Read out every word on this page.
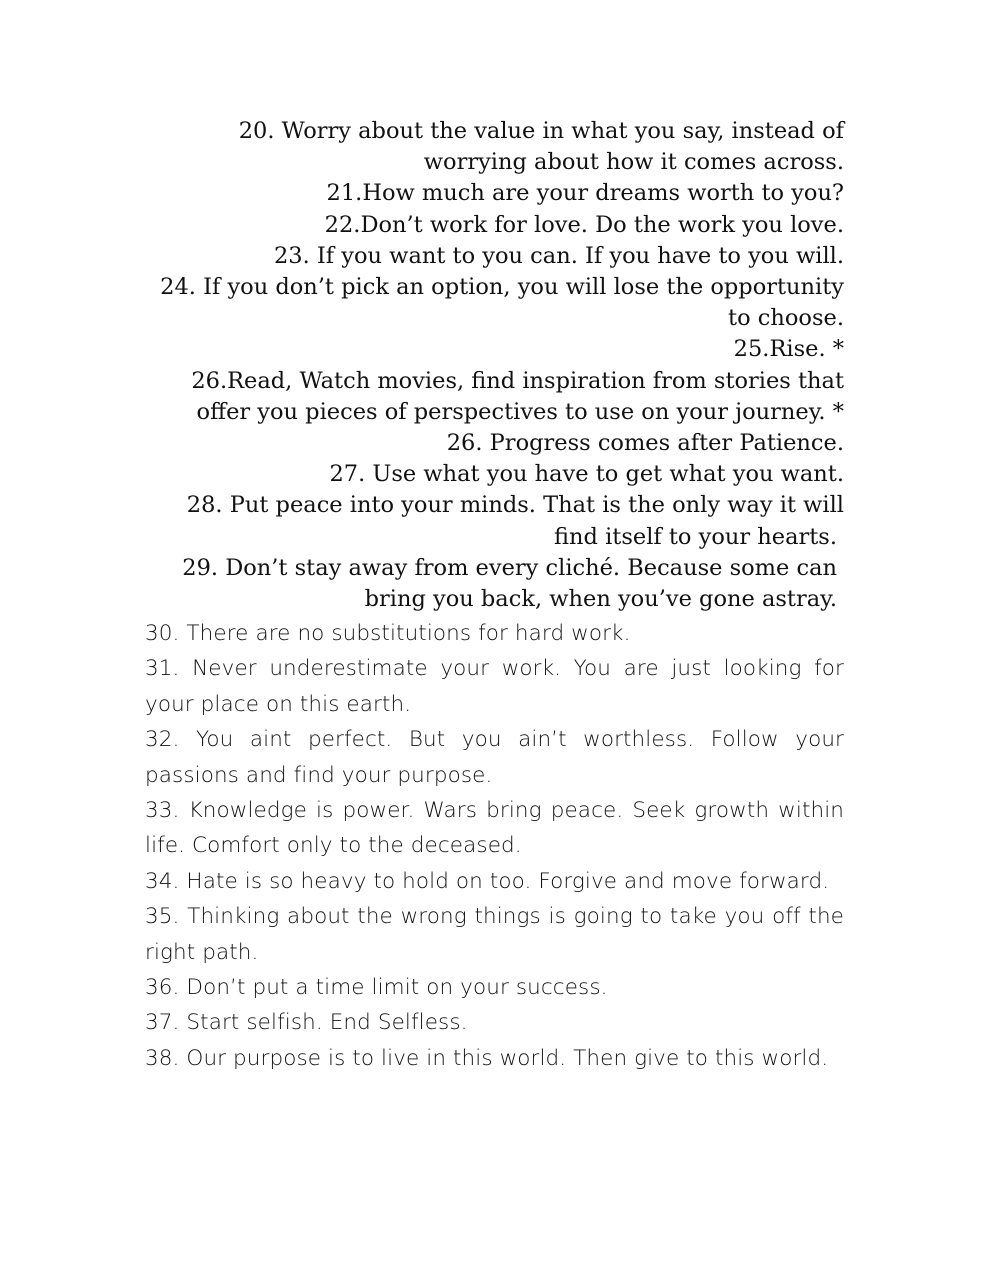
20. Worry about the value in what you say, instead of
worrying about how it comes across.

21.How much are your dreams worth to you?

22.Don’t work for love. Do the work you love.

23. If you want to you can. If you have to you will.

24. If you don’t pick an option, you will lose the opportunity
to choose.

25.Rise. *

26.Read, Watch movies, find inspiration from stories that
offer you pieces of perspectives to use on your journey. *

26. Progress comes after Patience.

27. Use what you have to get what you want.

28. Put peace into your minds. That is the only way it will
find itself to your hearts.

29. Don’t stay away from every cliché. Because some can
bring you back, when you’ve gone astray.

30. There are no substitutions for hard work.

31. Never underestimate your work. You are just looking for your place on this earth.

32. You aint perfect. But you ain’t worthless. Follow your passions and find your purpose.

33. Knowledge is power. Wars bring peace. Seek growth within life. Comfort only to the deceased.

34. Hate is so heavy to hold on too. Forgive and move forward.

35. Thinking about the wrong things is going to take you off the right path.

36. Don’t put a time limit on your success.

37. Start selfish. End Selfless.

38. Our purpose is to live in this world. Then give to this world.
